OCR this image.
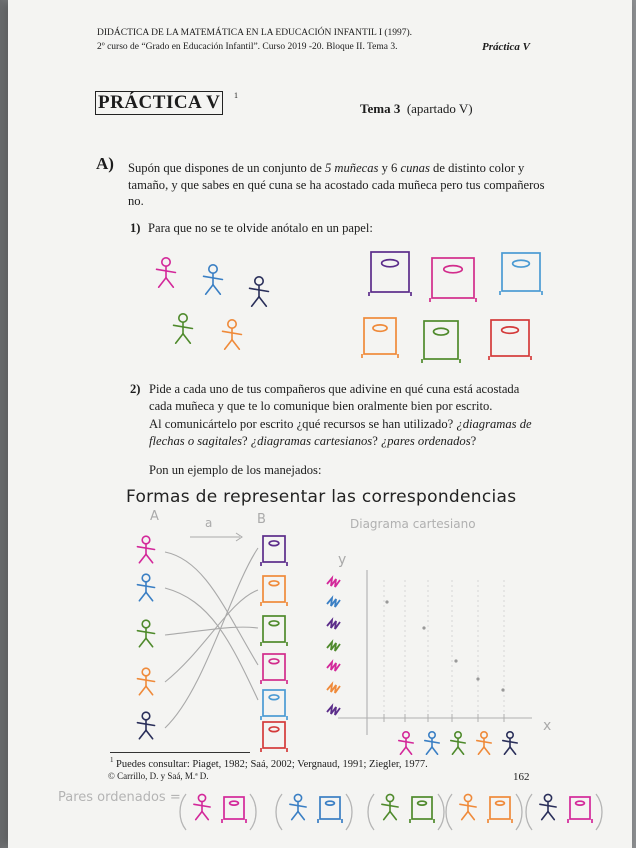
DIDÁCTICA DE LA MATEMÁTICA EN LA EDUCACIÓN INFANTIL I (1997).
2º curso de “Grado en Educación Infantil”. Curso 2019 -20. Bloque II. Tema 3.	Práctica V
PRÁCTICA V	1
Tema 3 (apartado V)
A) Supón que dispones de un conjunto de 5 muñecas y 6 cunas de distinto color y tamaño, y que sabes en qué cuna se ha acostado cada muñeca pero tus compañeros no.
1) Para que no se te olvide anótalo en un papel:
2) Pide a cada uno de tus compañeros que adivine en qué cuna está acostada cada muñeca y que te lo comunique bien oralmente bien por escrito.
Al comunicártelo por escrito ¿qué recursos se han utilizado? ¿diagramas de flechas o sagitales? ¿diagramas cartesianos? ¿pares ordenados?
Pon un ejemplo de los manejados:
Formas de representar las correspondencias
A	B
a	Diagrama cartesiano
y
x
Pares ordenados =
1 Puedes consultar: Piaget, 1982; Saá, 2002; Vergnaud, 1991; Ziegler, 1977.
© Carrillo, D. y Saá, M.ª D.	162
